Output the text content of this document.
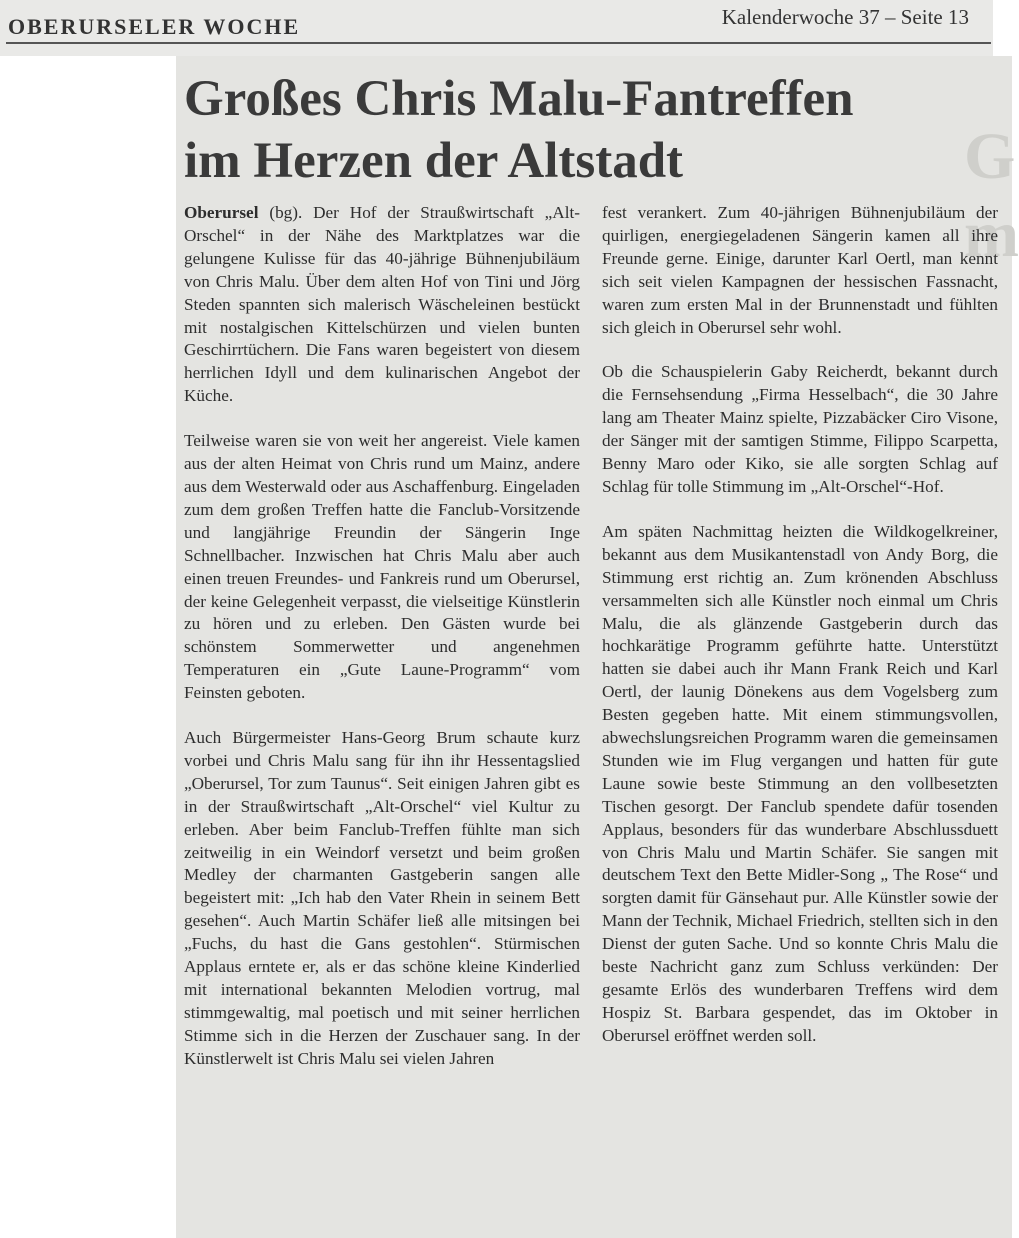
OBERURSELER WOCHE	Kalenderwoche 37 – Seite 13
G
m
Großes Chris Malu-Fantreffen
im Herzen der Altstadt

Oberursel (bg). Der Hof der Straußwirtschaft „Alt-Orschel“ in der Nähe des Marktplatzes war die gelungene Kulisse für das 40-jährige Bühnenjubiläum von Chris Malu. Über dem alten Hof von Tini und Jörg Steden spannten sich malerisch Wäscheleinen bestückt mit nostalgischen Kittelschürzen und vielen bunten Geschirrtüchern. Die Fans waren begeistert von diesem herrlichen Idyll und dem kulinarischen Angebot der Küche.

Teilweise waren sie von weit her angereist. Viele kamen aus der alten Heimat von Chris rund um Mainz, andere aus dem Westerwald oder aus Aschaffenburg. Eingeladen zum dem großen Treffen hatte die Fanclub-Vorsitzende und langjährige Freundin der Sängerin Inge Schnellbacher. Inzwischen hat Chris Malu aber auch einen treuen Freundes- und Fankreis rund um Oberursel, der keine Gelegenheit verpasst, die vielseitige Künstlerin zu hören und zu erleben. Den Gästen wurde bei schönstem Sommerwetter und angenehmen Temperaturen ein „Gute Laune-Programm“ vom Feinsten geboten.

Auch Bürgermeister Hans-Georg Brum schaute kurz vorbei und Chris Malu sang für ihn ihr Hessentagslied „Oberursel, Tor zum Taunus“. Seit einigen Jahren gibt es in der Straußwirtschaft „Alt-Orschel“ viel Kultur zu erleben. Aber beim Fanclub-Treffen fühlte man sich zeitweilig in ein Weindorf versetzt und beim großen Medley der charmanten Gastgeberin sangen alle begeistert mit: „Ich hab den Vater Rhein in seinem Bett gesehen“. Auch Martin Schäfer ließ alle mitsingen bei „Fuchs, du hast die Gans gestohlen“. Stürmischen Applaus erntete er, als er das schöne kleine Kinderlied mit international bekannten Melodien vortrug, mal stimmgewaltig, mal poetisch und mit seiner herrlichen Stimme sich in die Herzen der Zuschauer sang. In der Künstlerwelt ist Chris Malu sei vielen Jahren

fest verankert. Zum 40-jährigen Bühnenjubiläum der quirligen, energiegeladenen Sängerin kamen all ihre Freunde gerne. Einige, darunter Karl Oertl, man kennt sich seit vielen Kampagnen der hessischen Fassnacht, waren zum ersten Mal in der Brunnenstadt und fühlten sich gleich in Oberursel sehr wohl.

Ob die Schauspielerin Gaby Reicherdt, bekannt durch die Fernsehsendung „Firma Hesselbach“, die 30 Jahre lang am Theater Mainz spielte, Pizzabäcker Ciro Visone, der Sänger mit der samtigen Stimme, Filippo Scarpetta, Benny Maro oder Kiko, sie alle sorgten Schlag auf Schlag für tolle Stimmung im „Alt-Orschel“-Hof.

Am späten Nachmittag heizten die Wildkogelkreiner, bekannt aus dem Musikantenstadl von Andy Borg, die Stimmung erst richtig an. Zum krönenden Abschluss versammelten sich alle Künstler noch einmal um Chris Malu, die als glänzende Gastgeberin durch das hochkarätige Programm geführte hatte. Unterstützt hatten sie dabei auch ihr Mann Frank Reich und Karl Oertl, der launig Dönekens aus dem Vogelsberg zum Besten gegeben hatte. Mit einem stimmungsvollen, abwechslungsreichen Programm waren die gemeinsamen Stunden wie im Flug vergangen und hatten für gute Laune sowie beste Stimmung an den vollbesetzten Tischen gesorgt. Der Fanclub spendete dafür tosenden Applaus, besonders für das wunderbare Abschlussduett von Chris Malu und Martin Schäfer. Sie sangen mit deutschem Text den Bette Midler-Song „ The Rose“ und sorgten damit für Gänsehaut pur. Alle Künstler sowie der Mann der Technik, Michael Friedrich, stellten sich in den Dienst der guten Sache. Und so konnte Chris Malu die beste Nachricht ganz zum Schluss verkünden: Der gesamte Erlös des wunderbaren Treffens wird dem Hospiz St. Barbara gespendet, das im Oktober in Oberursel eröffnet werden soll.
